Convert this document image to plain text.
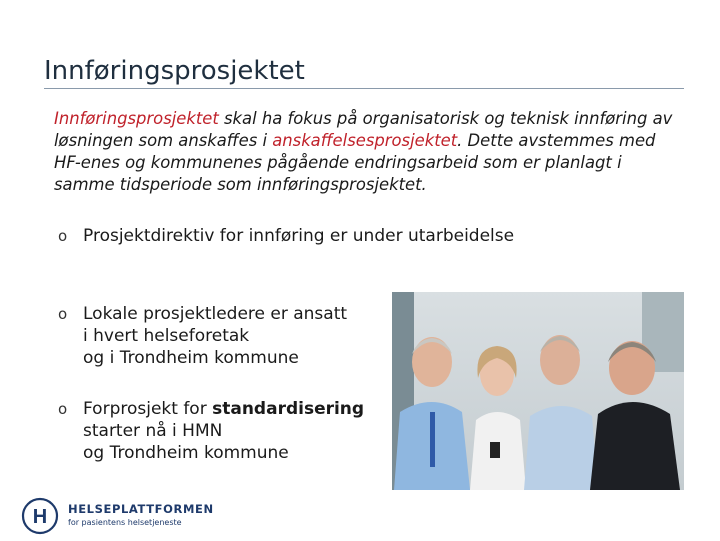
Innføringsprosjektet
Innføringsprosjektet skal ha fokus på organisatorisk og teknisk innføring av løsningen som anskaffes i anskaffelsesprosjektet. Dette avstemmes med HF-enes og kommunenes pågående endringsarbeid som er planlagt i samme tidsperiode som innføringsprosjektet.
o Prosjektdirektiv for innføring er under utarbeidelse
o Lokale prosjektledere er ansatt
i hvert helseforetak
og i Trondheim kommune
o Forprosjekt for standardisering
starter nå i HMN
og Trondheim kommune
H HELSEPLATTFORMEN
for pasientens helsetjeneste
